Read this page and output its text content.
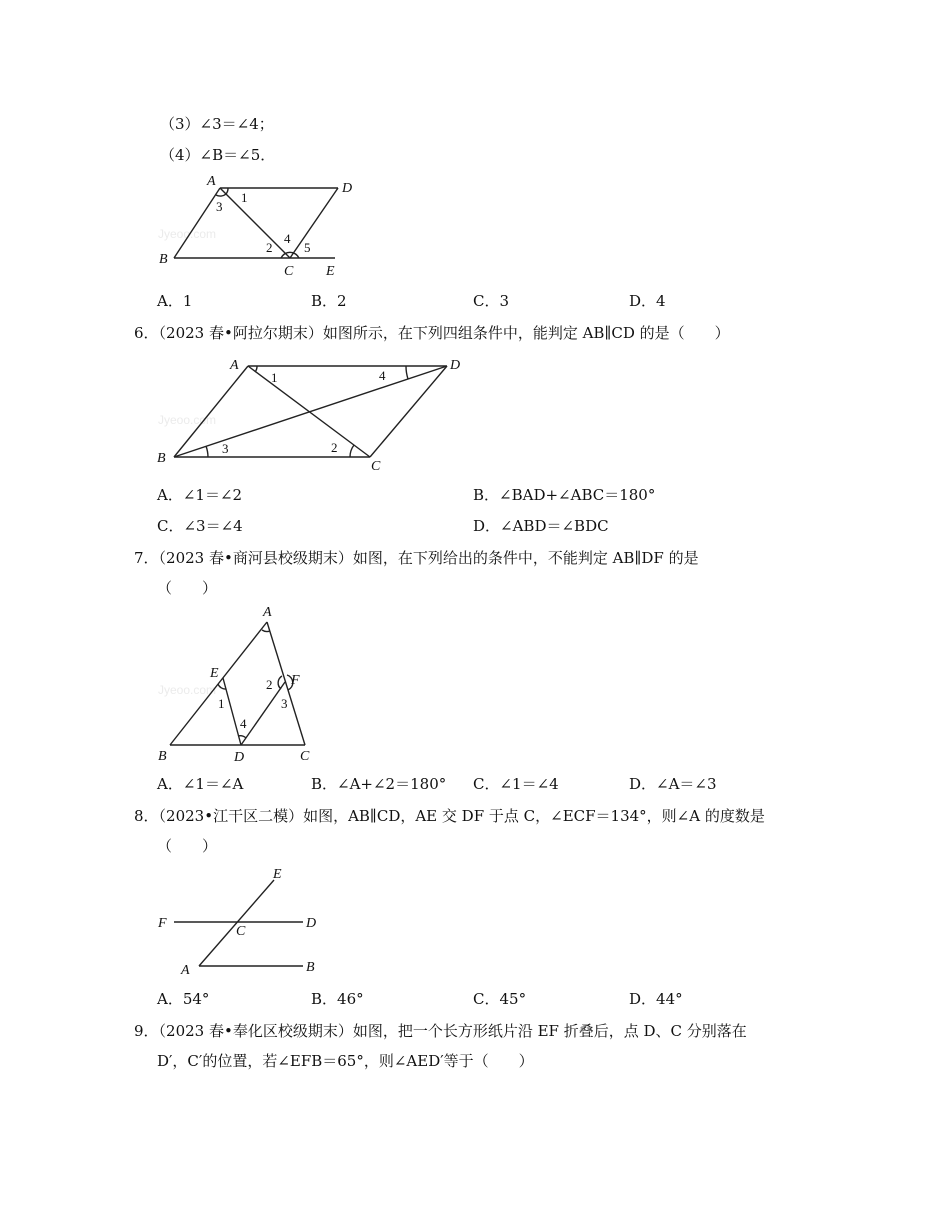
（3）∠3＝∠4；
（4）∠B＝∠5．
Jyeoo.com
A	D
B
C E
1
3
2
4
5
A．1	B．2	C．3	D．4
6．（2023 春•阿拉尔期末）如图所示，在下列四组条件中，能判定 AB∥CD 的是（　　）
Jyeoo.com
A	D
B
C
1	4
3	2
A．∠1＝∠2	B．∠BAD+∠ABC＝180°
C．∠3＝∠4	D．∠ABD＝∠BDC
7．（2023 春•商河县校级期末）如图，在下列给出的条件中，不能判定 AB∥DF 的是
（　　）
Jyeoo.com
A
E	F
B	D	C
1
2
3
4
A．∠1＝∠A	B．∠A+∠2＝180° C．∠1＝∠4	D．∠A＝∠3
8．（2023•江干区二模）如图，AB∥CD，AE 交 DF 于点 C，∠ECF＝134°，则∠A 的度数是
（　　）
E
F
C
D
A	B
A．54°	B．46°	C．45°	D．44°
9．（2023 春•奉化区校级期末）如图，把一个长方形纸片沿 EF 折叠后，点 D、C 分别落在
D′，C′的位置，若∠EFB＝65°，则∠AED′等于（　　）
